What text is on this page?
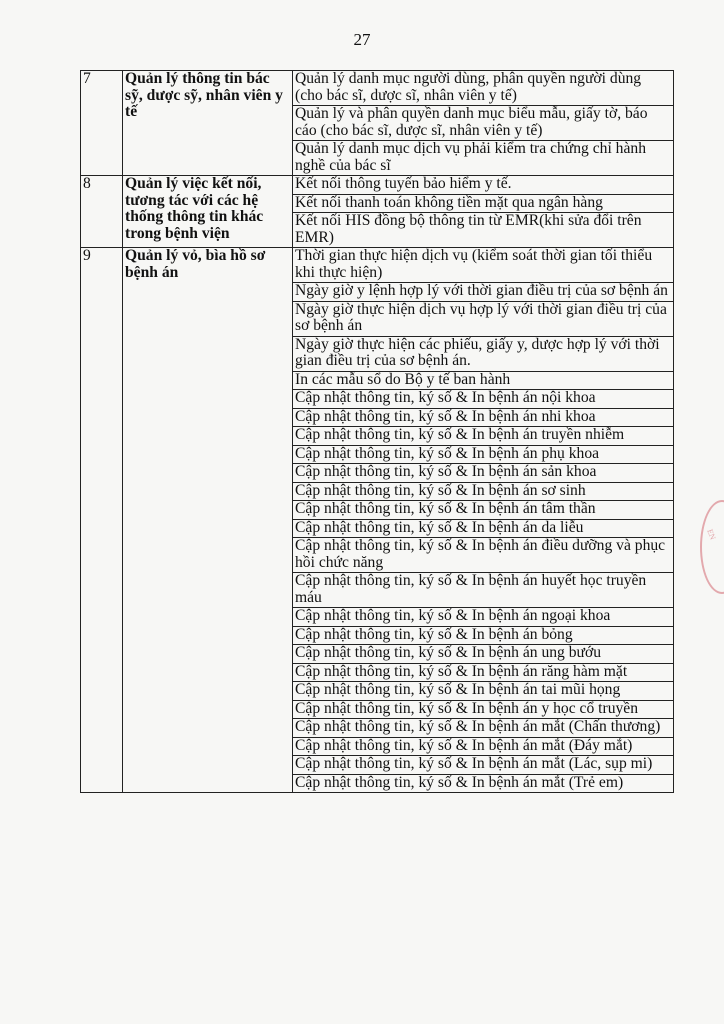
27
7	Quản lý thông tin bác sỹ, dược sỹ, nhân viên y tế	Quản lý danh mục người dùng, phân quyền người dùng (cho bác sĩ, dược sĩ, nhân viên y tế)
		Quản lý và phân quyền danh mục biểu mẫu, giấy tờ, báo cáo (cho bác sĩ, dược sĩ, nhân viên y tế)
		Quản lý danh mục dịch vụ phải kiểm tra chứng chỉ hành nghề của bác sĩ
8	Quản lý việc kết nối, tương tác với các hệ thống thông tin khác trong bệnh viện	Kết nối thông tuyến bảo hiểm y tế.
		Kết nối thanh toán không tiền mặt qua ngân hàng
		Kết nối HIS đồng bộ thông tin từ EMR(khi sửa đổi trên EMR)
9	Quản lý vỏ, bìa hồ sơ bệnh án	Thời gian thực hiện dịch vụ (kiểm soát thời gian tối thiểu khi thực hiện)
		Ngày giờ y lệnh hợp lý với thời gian điều trị của sơ bệnh án
		Ngày giờ thực hiện dịch vụ hợp lý với thời gian điều trị của sơ bệnh án
		Ngày giờ thực hiện các phiếu, giấy y, dược hợp lý với thời gian điều trị của sơ bệnh án.
		In các mẫu sổ do Bộ y tế ban hành
		Cập nhật thông tin, ký số & In bệnh án nội khoa
		Cập nhật thông tin, ký số & In bệnh án nhi khoa
		Cập nhật thông tin, ký số & In bệnh án truyền nhiễm
		Cập nhật thông tin, ký số & In bệnh án phụ khoa
		Cập nhật thông tin, ký số & In bệnh án sản khoa
		Cập nhật thông tin, ký số & In bệnh án sơ sinh
		Cập nhật thông tin, ký số & In bệnh án tâm thần
		Cập nhật thông tin, ký số & In bệnh án da liễu
		Cập nhật thông tin, ký số & In bệnh án điều dưỡng và phục hồi chức năng
		Cập nhật thông tin, ký số & In bệnh án huyết học truyền máu
		Cập nhật thông tin, ký số & In bệnh án ngoại khoa
		Cập nhật thông tin, ký số & In bệnh án bỏng
		Cập nhật thông tin, ký số & In bệnh án ung bướu
		Cập nhật thông tin, ký số & In bệnh án răng hàm mặt
		Cập nhật thông tin, ký số & In bệnh án tai mũi họng
		Cập nhật thông tin, ký số & In bệnh án y học cổ truyền
		Cập nhật thông tin, ký số & In bệnh án mắt (Chấn thương)
		Cập nhật thông tin, ký số & In bệnh án mắt (Đáy mắt)
		Cập nhật thông tin, ký số & In bệnh án mắt (Lác, sụp mi)
		Cập nhật thông tin, ký số & In bệnh án mắt (Trẻ em)
EN
